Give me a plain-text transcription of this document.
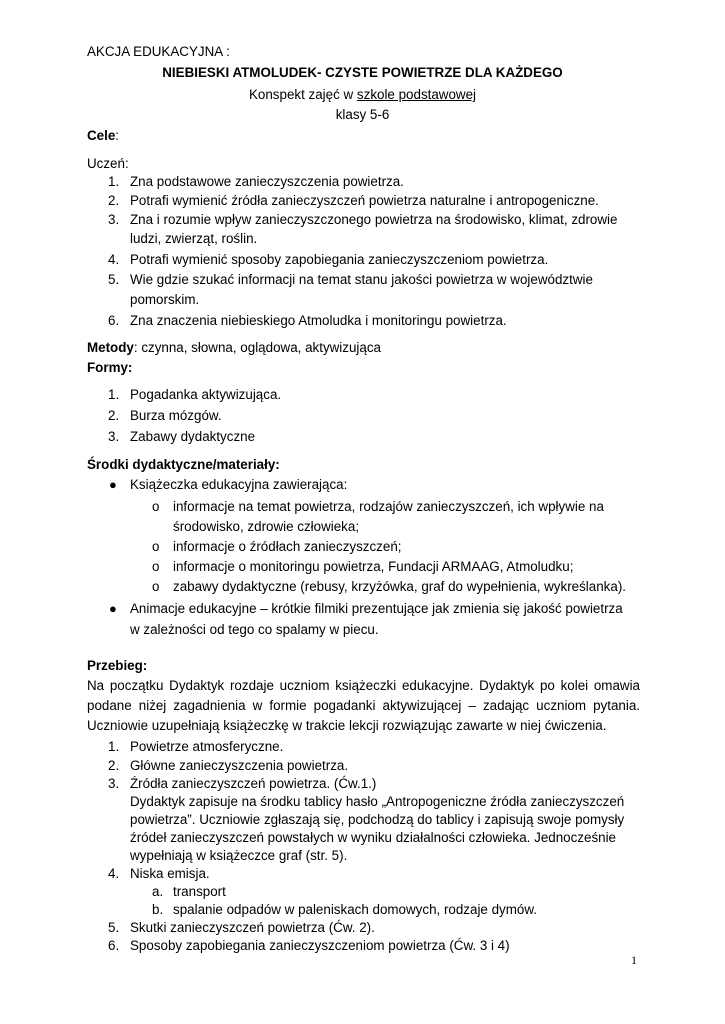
AKCJA EDUKACYJNA :
NIEBIESKI ATMOLUDEK- CZYSTE POWIETRZE DLA KAŻDEGO
Konspekt zajęć w szkole podstawowej
klasy 5-6
Cele:
Uczeń:
1. Zna podstawowe zanieczyszczenia powietrza.
2. Potrafi wymienić źródła zanieczyszczeń powietrza naturalne i antropogeniczne.
3. Zna i rozumie wpływ zanieczyszczonego powietrza na środowisko, klimat, zdrowie
ludzi, zwierząt, roślin.
4. Potrafi wymienić sposoby zapobiegania zanieczyszczeniom powietrza.
5. Wie gdzie szukać informacji na temat stanu jakości powietrza w województwie
pomorskim.
6. Zna znaczenia niebieskiego Atmoludka i monitoringu powietrza.
Metody: czynna, słowna, oglądowa, aktywizująca
Formy:
1. Pogadanka aktywizująca.
2. Burza mózgów.
3. Zabawy dydaktyczne
Środki dydaktyczne/materiały:
● Książeczka edukacyjna zawierająca:
o informacje na temat powietrza, rodzajów zanieczyszczeń, ich wpływie na
środowisko, zdrowie człowieka;
o informacje o źródłach zanieczyszczeń;
o informacje o monitoringu powietrza, Fundacji ARMAAG, Atmoludku;
o zabawy dydaktyczne (rebusy, krzyżówka, graf do wypełnienia, wykreślanka).
● Animacje edukacyjne – krótkie filmiki prezentujące jak zmienia się jakość powietrza
w zależności od tego co spalamy w piecu.
Przebieg:
Na początku Dydaktyk rozdaje uczniom książeczki edukacyjne. Dydaktyk po kolei omawia
podane niżej zagadnienia w formie pogadanki aktywizującej – zadając uczniom pytania.
Uczniowie uzupełniają książeczkę w trakcie lekcji rozwiązując zawarte w niej ćwiczenia.
1. Powietrze atmosferyczne.
2. Główne zanieczyszczenia powietrza.
3. Źródła zanieczyszczeń powietrza. (Ćw.1.)
Dydaktyk zapisuje na środku tablicy hasło „Antropogeniczne źródła zanieczyszczeń
powietrza”. Uczniowie zgłaszają się, podchodzą do tablicy i zapisują swoje pomysły
źródeł zanieczyszczeń powstałych w wyniku działalności człowieka. Jednocześnie
wypełniają w książeczce graf (str. 5).
4. Niska emisja.
a. transport
b. spalanie odpadów w paleniskach domowych, rodzaje dymów.
5. Skutki zanieczyszczeń powietrza (Ćw. 2).
6. Sposoby zapobiegania zanieczyszczeniom powietrza (Ćw. 3 i 4)
1
